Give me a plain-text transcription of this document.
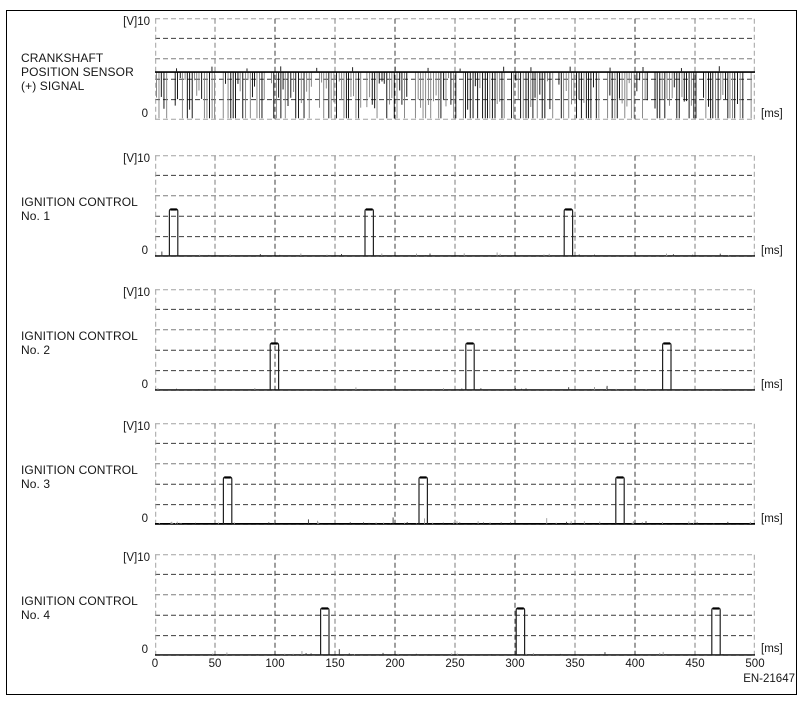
CRANKSHAFT
POSITION SENSOR
(+) SIGNAL
[V]10
0	[ms]
IGNITION CONTROL
No. 1
[V]10
0	[ms]
IGNITION CONTROL
No. 2
[V]10
0	[ms]
IGNITION CONTROL
No. 3
[V]10
0	[ms]
IGNITION CONTROL
No. 4
[V]10
0	[ms]
0	50	100	150	200	250	300	350	400	450	500
EN-21647
